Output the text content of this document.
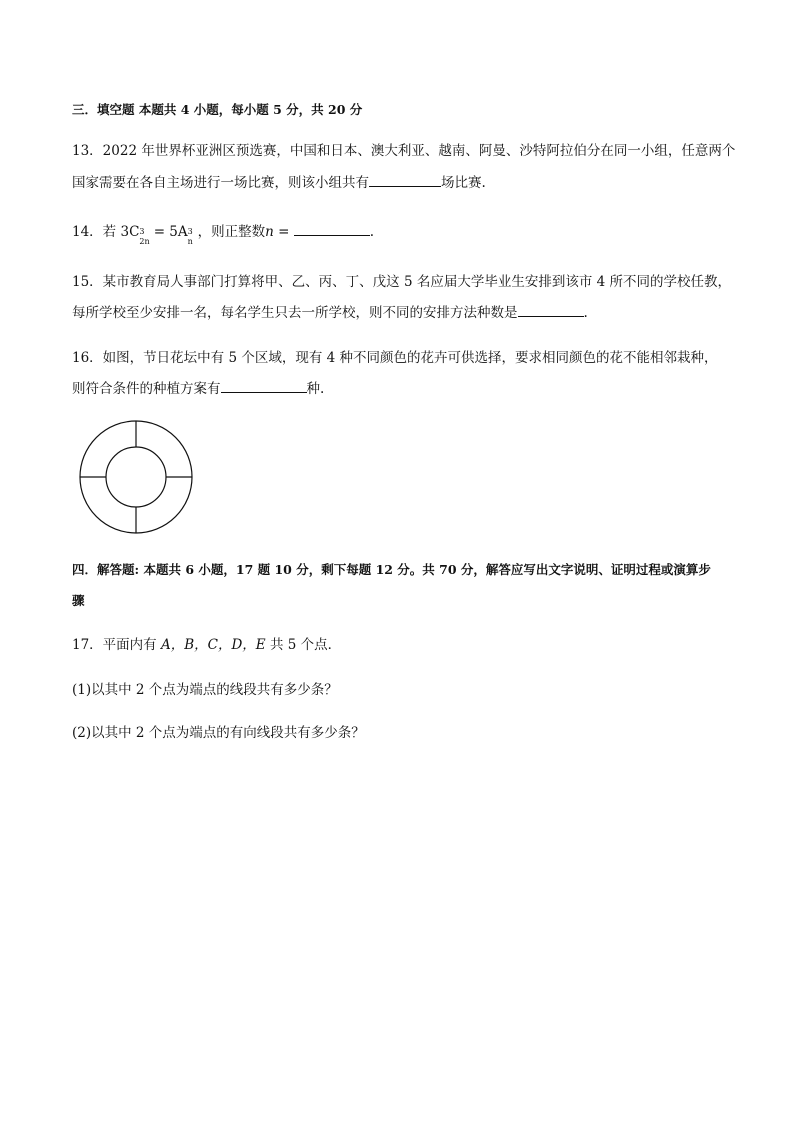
三．填空题 本题共 4 小题，每小题 5 分，共 20 分
13．2022 年世界杯亚洲区预选赛，中国和日本、澳大利亚、越南、阿曼、沙特阿拉伯分在同一小组，任意两个
国家需要在各自主场进行一场比赛，则该小组共有	场比赛.
14．若 3C 3
2n
= 5A 3
n
，则正整数n =	.
15．某市教育局人事部门打算将甲、乙、丙、丁、戊这 5 名应届大学毕业生安排到该市 4 所不同的学校任教，
每所学校至少安排一名，每名学生只去一所学校，则不同的安排方法种数是	.
16．如图，节日花坛中有 5 个区域，现有 4 种不同颜色的花卉可供选择，要求相同颜色的花不能相邻栽种，
则符合条件的种植方案有	种.
四．解答题: 本题共 6 小题，17 题 10 分，剩下每题 12 分。共 70 分，解答应写出文字说明、证明过程或演算步
骤
17．平面内有 A，B，C，D，E 共 5 个点．
(1)以其中 2 个点为端点的线段共有多少条？
(2)以其中 2 个点为端点的有向线段共有多少条？
